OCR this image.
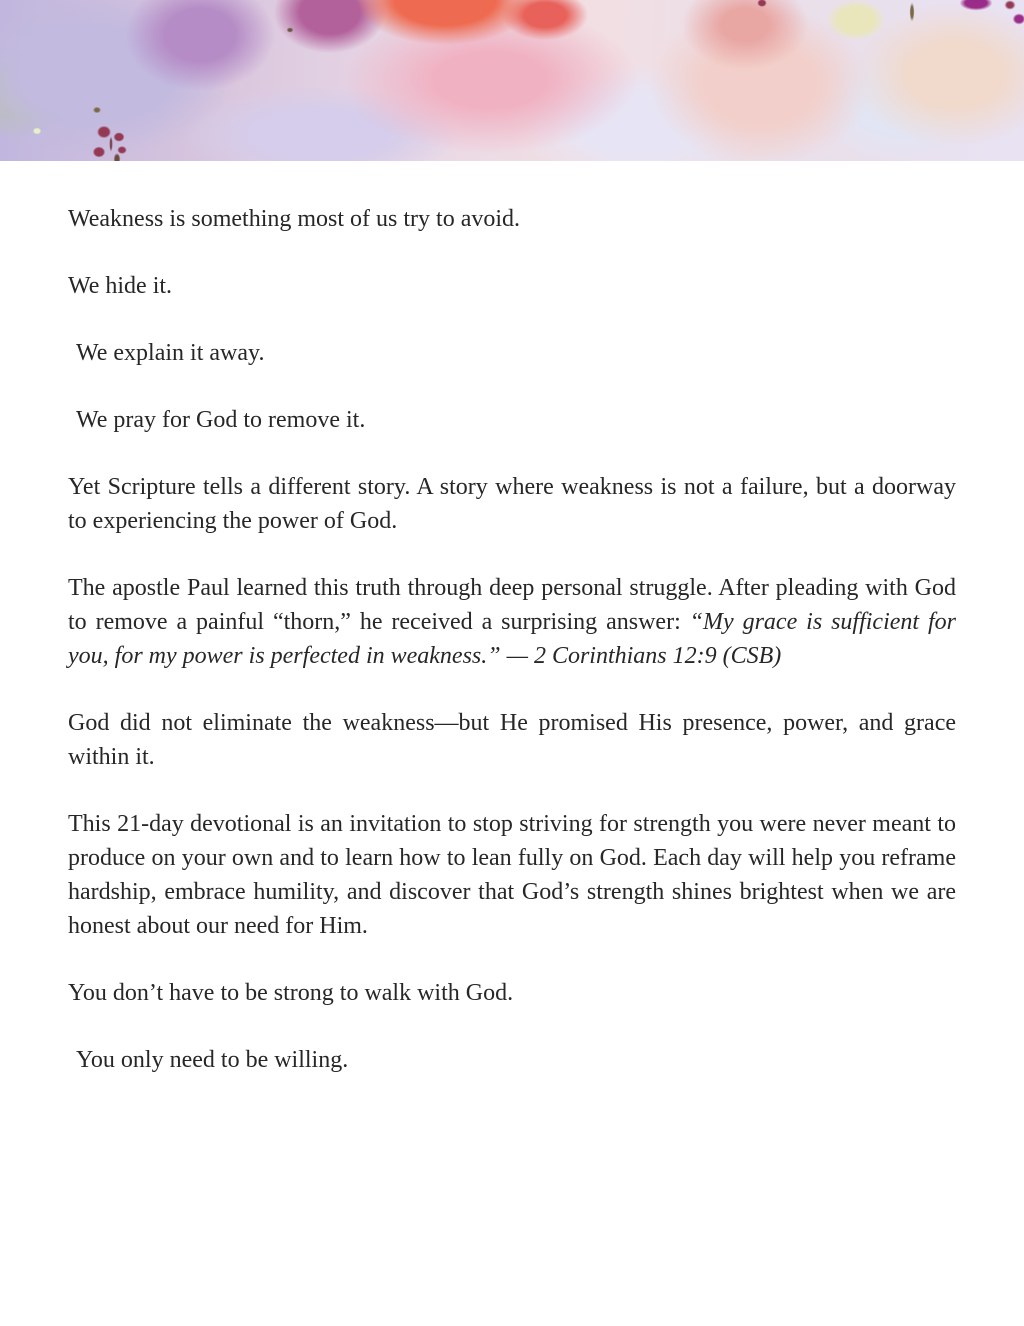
Weakness is something most of us try to avoid.

We hide it.

We explain it away.

We pray for God to remove it.

Yet Scripture tells a different story. A story where weakness is not a failure, but a doorway to experiencing the power of God.

The apostle Paul learned this truth through deep personal struggle. After pleading with God to remove a painful “thorn,” he received a surprising answer: “My grace is sufficient for you, for my power is perfected in weakness.” — 2 Corinthians 12:9 (CSB)

God did not eliminate the weakness—but He promised His presence, power, and grace within it.

This 21-day devotional is an invitation to stop striving for strength you were never meant to produce on your own and to learn how to lean fully on God. Each day will help you reframe hardship, embrace humility, and discover that God’s strength shines brightest when we are honest about our need for Him.

You don’t have to be strong to walk with God.

You only need to be willing.
